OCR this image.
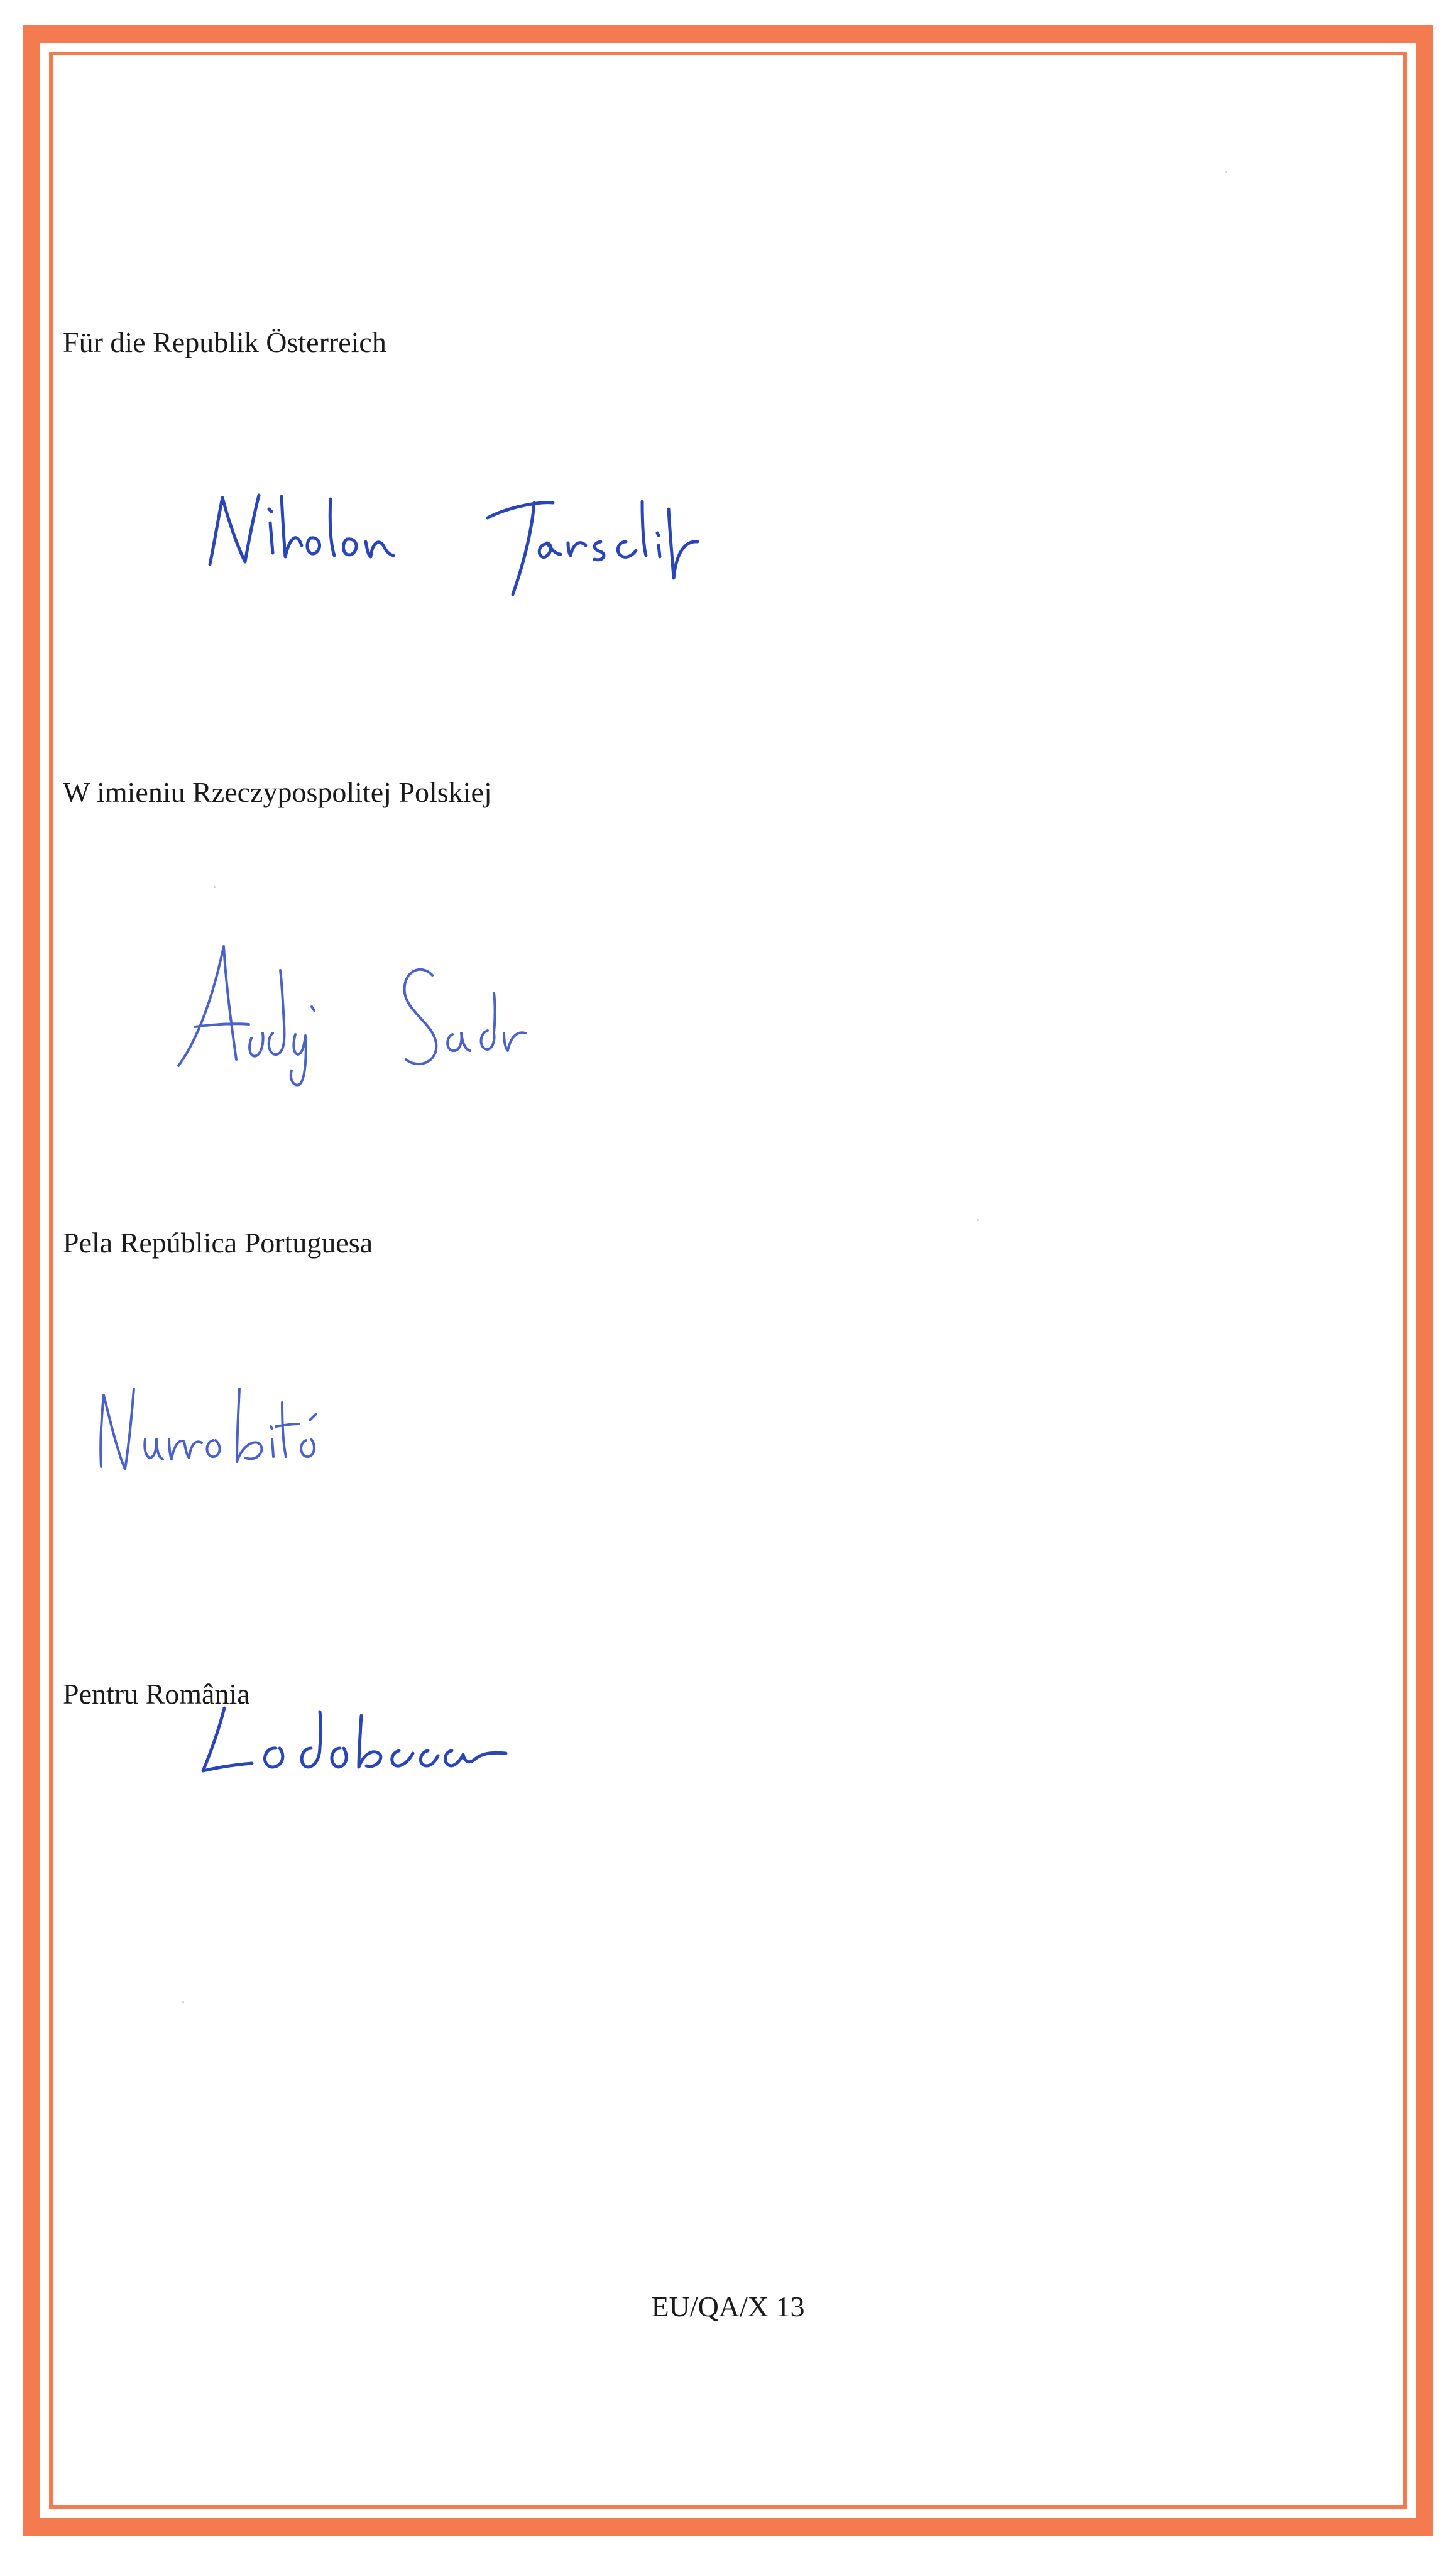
Für die Republik Österreich
W imieniu Rzeczypospolitej Polskiej
Pela República Portuguesa
Pentru România
EU/QA/X 13
